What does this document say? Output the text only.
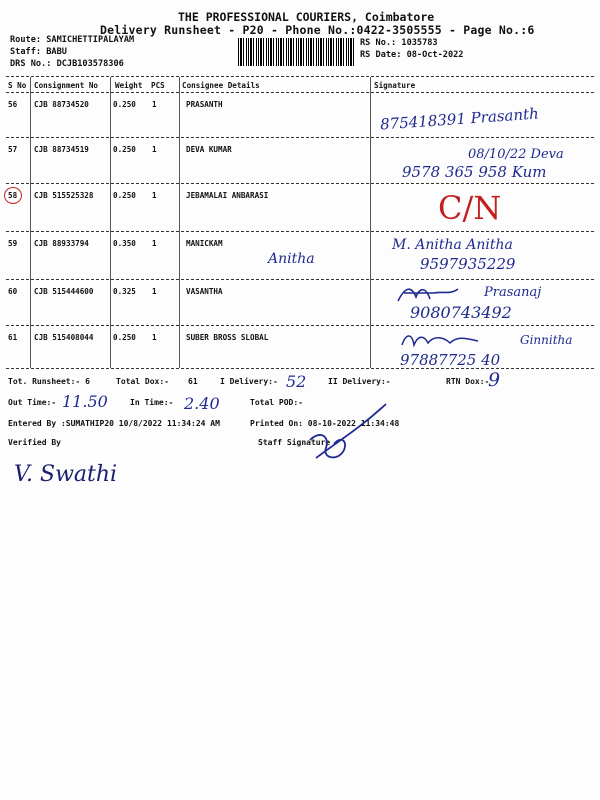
THE PROFESSIONAL COURIERS, Coimbatore
Delivery Runsheet - P20 - Phone No.:0422-3505555 - Page No.:6
Route: SAMICHETTIPALAYAM
Staff: BABU
DRS No.: DCJB103578306
RS No.: 1035783
RS Date: 08-Oct-2022
S No Consignment No Weight PCS Consignee Details	Signature
56 CJB 88734520	0.250 1	PRASANTH	875418391 Prasanth
57 CJB 88734519	0.250 1	DEVA KUMAR	08/10/22 Deva
9578 365 958 Kum
58 CJB 515525328	0.250 1	JEBAMALAI ANBARASI	C/N
59 CJB 88933794	0.350 1	MANICKAM
Anitha
M. Anitha Anitha
9597935229
60 CJB 515444600	0.325 1	VASANTHA	Prasanaj
9080743492
61 CJB 515408044	0.250 1	SUBER BROSS SLOBAL	Ginnitha
97887725 40
Tot. Runsheet:- 6	Total Dox:- 61	I Delivery:- 52	II Delivery:-	RTN Dox:-
9
Out Time:- 11.50	In Time:- 2.40	Total POD:-
Entered By :SUMATHIP20 10/8/2022 11:34:24 AM	Printed On: 08-10-2022 11:34:48
Verified By	Staff Signature
V. Swathi
